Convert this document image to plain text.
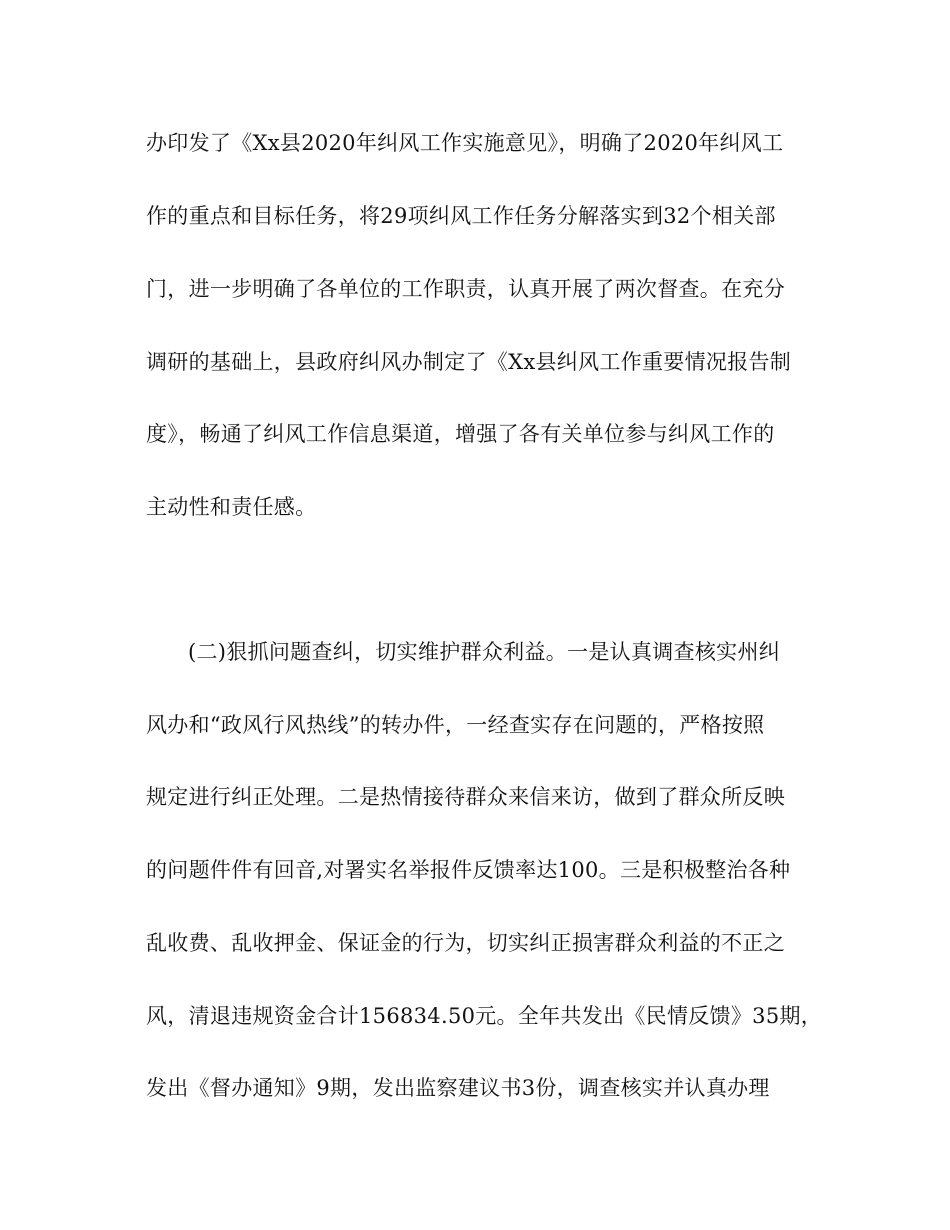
办印发了《Xx县2020年纠风工作实施意见》，明确了2020年纠风工
作的重点和目标任务，将29项纠风工作任务分解落实到32个相关部
门，进一步明确了各单位的工作职责，认真开展了两次督查。在充分
调研的基础上，县政府纠风办制定了《Xx县纠风工作重要情况报告制
度》，畅通了纠风工作信息渠道，增强了各有关单位参与纠风工作的
主动性和责任感。
(二)狠抓问题查纠，切实维护群众利益。一是认真调查核实州纠
风办和“政风行风热线”的转办件，一经查实存在问题的，严格按照
规定进行纠正处理。二是热情接待群众来信来访，做到了群众所反映
的问题件件有回音,对署实名举报件反馈率达100。三是积极整治各种
乱收费、乱收押金、保证金的行为，切实纠正损害群众利益的不正之
风，清退违规资金合计156834.50元。全年共发出《民情反馈》35期，
发出《督办通知》9期，发出监察建议书3份，调查核实并认真办理
